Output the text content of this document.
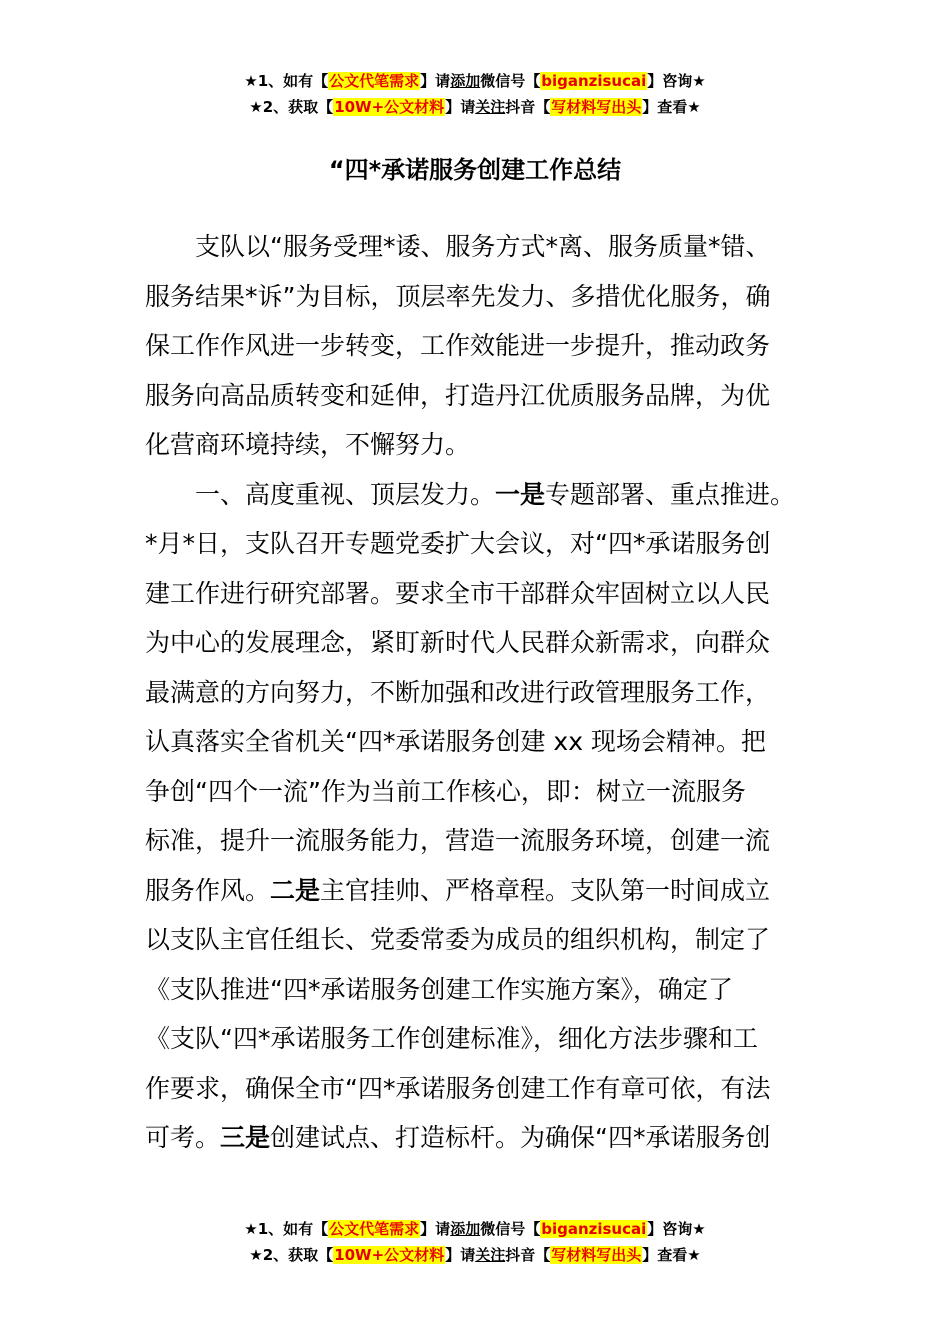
★1、如有【公文代笔需求】请添加微信号【biganzisucai】咨询★
★2、获取【10W+公文材料】请关注抖音【写材料写出头】查看★
“四*承诺服务创建工作总结
支队以“服务受理*诿、服务方式*离、服务质量*错、
服务结果*诉”为目标，顶层率先发力、多措优化服务，确
保工作作风进一步转变，工作效能进一步提升，推动政务
服务向高品质转变和延伸，打造丹江优质服务品牌，为优
化营商环境持续，不懈努力。
一、高度重视、顶层发力。一是专题部署、重点推进。
*月*日，支队召开专题党委扩大会议，对“四*承诺服务创
建工作进行研究部署。要求全市干部群众牢固树立以人民
为中心的发展理念，紧盯新时代人民群众新需求，向群众
最满意的方向努力，不断加强和改进行政管理服务工作，
认真落实全省机关“四*承诺服务创建 xx 现场会精神。把
争创“四个一流”作为当前工作核心，即：树立一流服务
标准，提升一流服务能力，营造一流服务环境，创建一流
服务作风。二是主官挂帅、严格章程。支队第一时间成立
以支队主官任组长、党委常委为成员的组织机构，制定了
《支队推进“四*承诺服务创建工作实施方案》，确定了
《支队“四*承诺服务工作创建标准》，细化方法步骤和工
作要求，确保全市“四*承诺服务创建工作有章可依，有法
可考。三是创建试点、打造标杆。为确保“四*承诺服务创
★1、如有【公文代笔需求】请添加微信号【biganzisucai】咨询★
★2、获取【10W+公文材料】请关注抖音【写材料写出头】查看★
